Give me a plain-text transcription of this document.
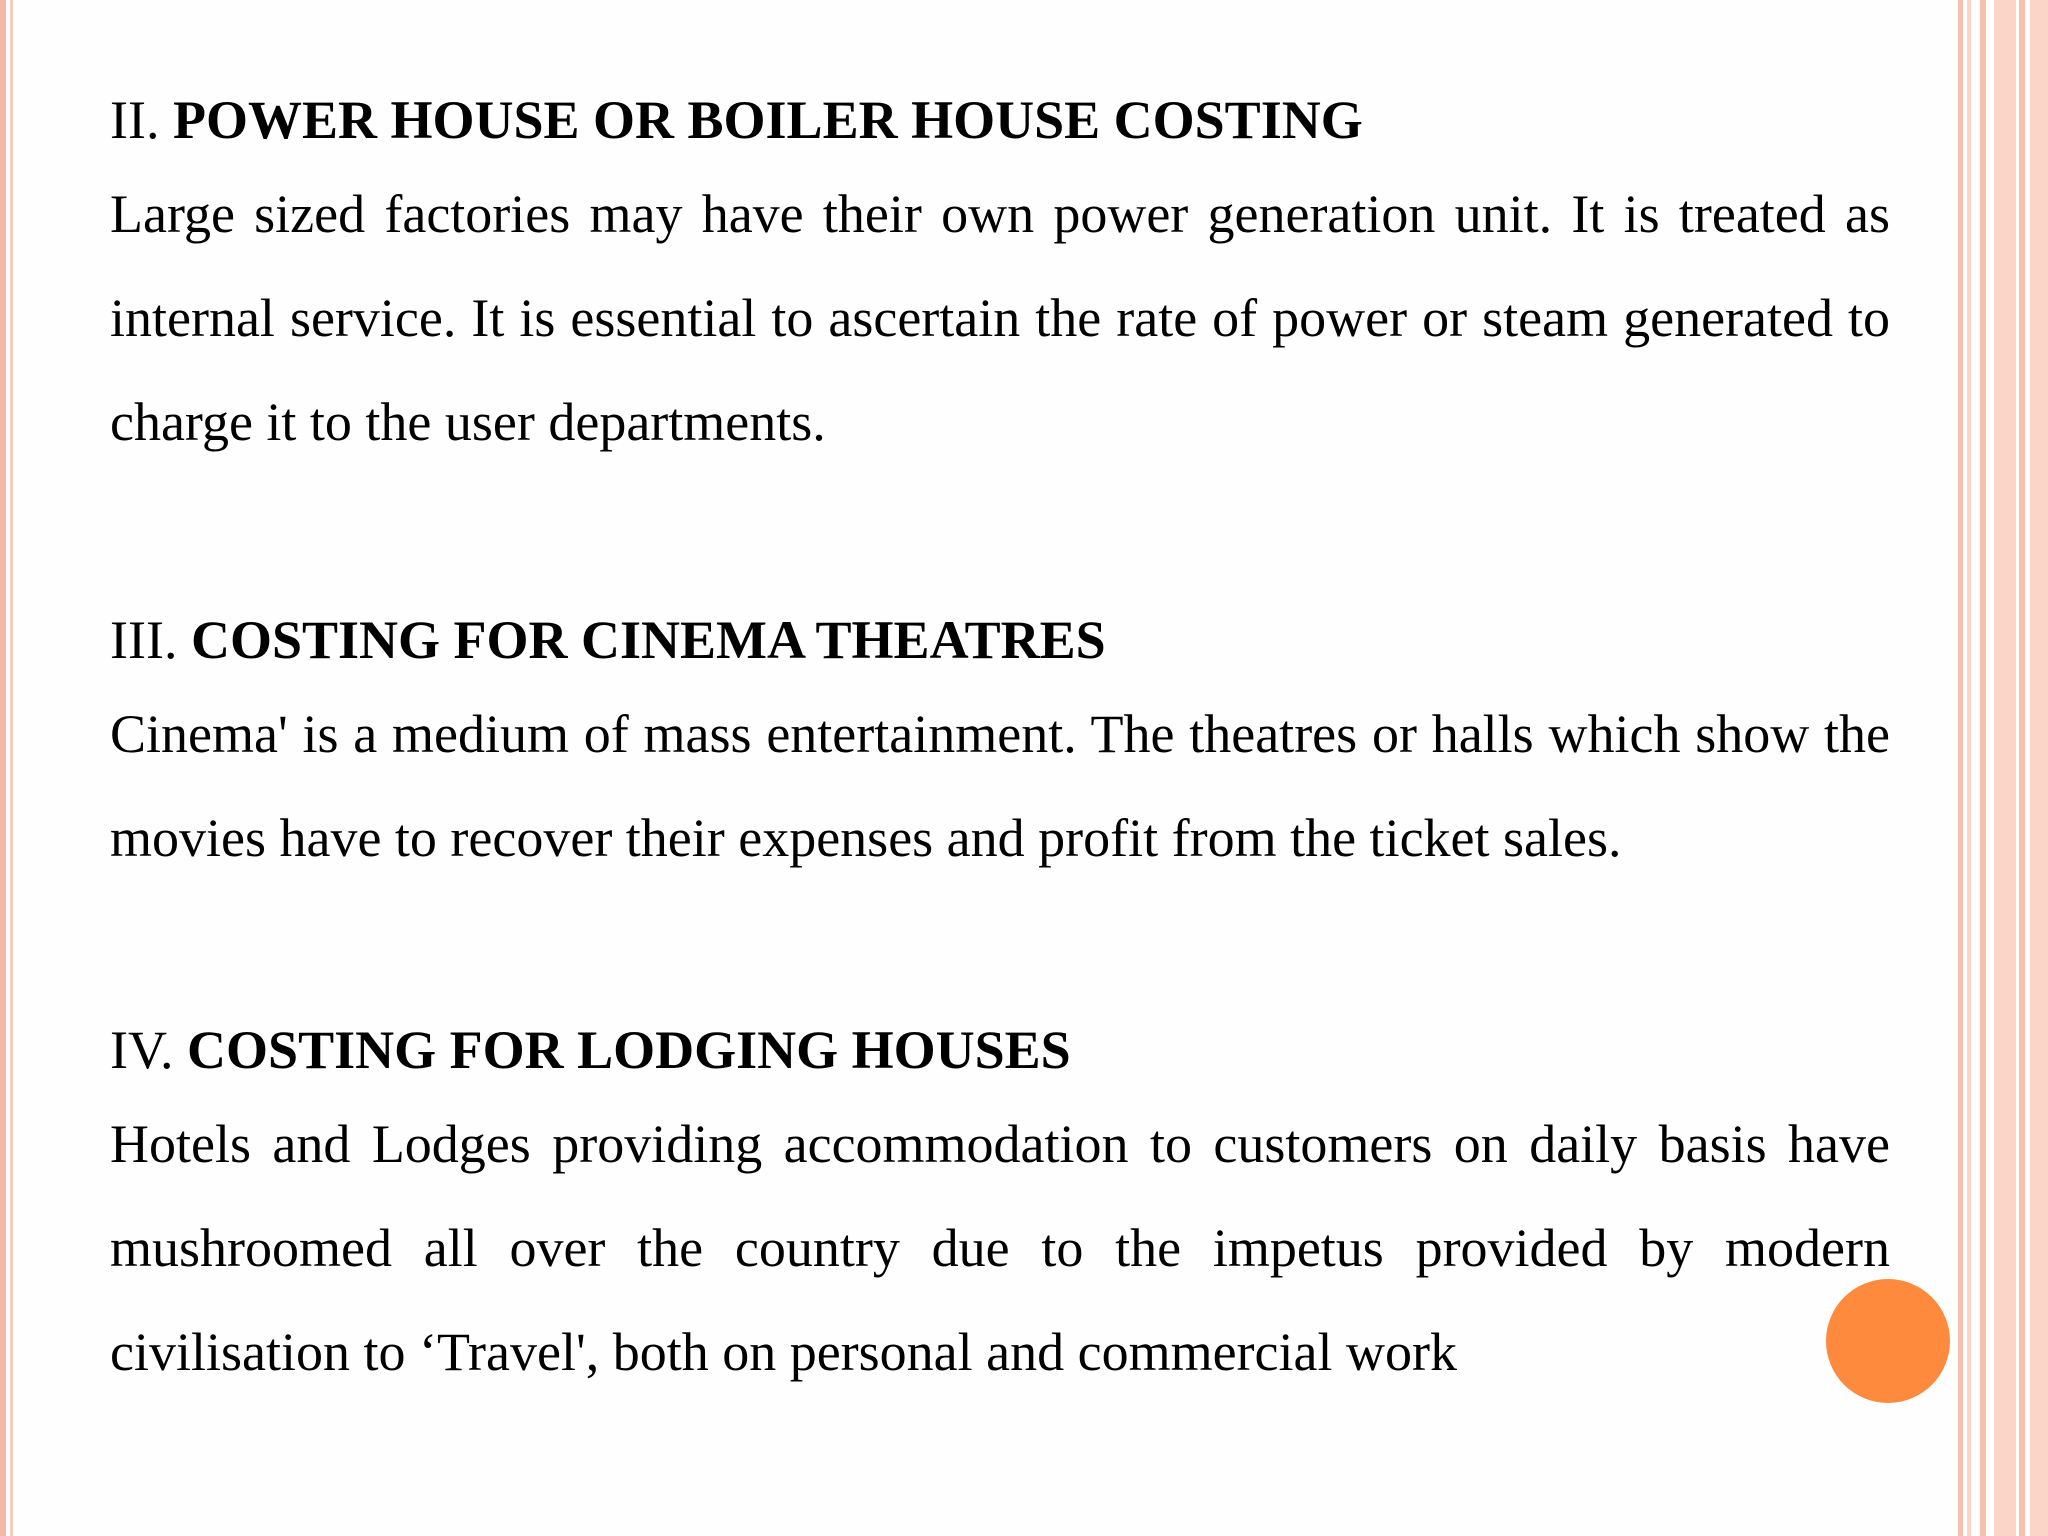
II. POWER HOUSE OR BOILER HOUSE COSTING

Large sized factories may have their own power generation unit. It is treated as internal service. It is essential to ascertain the rate of power or steam generated to charge it to the user departments.

III. COSTING FOR CINEMA THEATRES

Cinema' is a medium of mass entertainment. The theatres or halls which show the movies have to recover their expenses and profit from the ticket sales.

IV. COSTING FOR LODGING HOUSES

Hotels and Lodges providing accommodation to customers on daily basis have mushroomed all over the country due to the impetus provided by modern civilisation to ‘Travel', both on personal and commercial work
